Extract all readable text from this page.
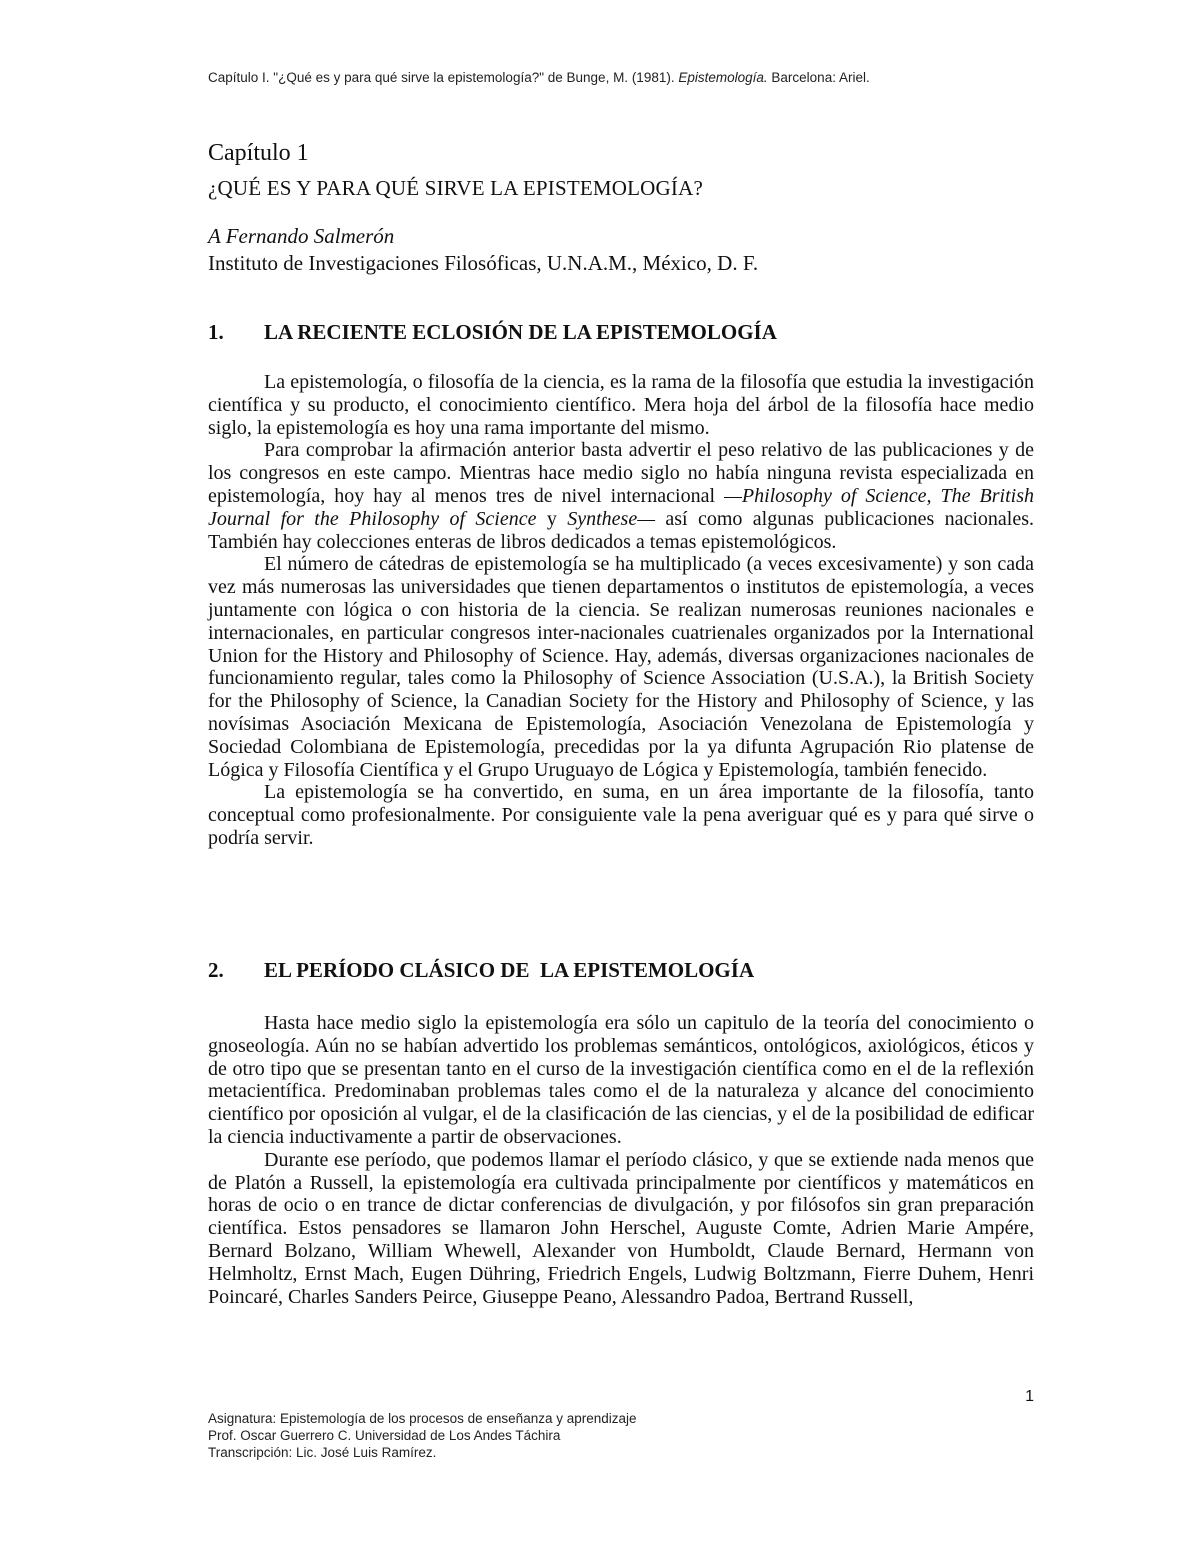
Capítulo I. "¿Qué es y para qué sirve la epistemología?" de Bunge, M. (1981). Epistemología. Barcelona: Ariel.
Capítulo 1
¿QUÉ ES Y PARA QUÉ SIRVE LA EPISTEMOLOGÍA?
A Fernando Salmerón
Instituto de Investigaciones Filosóficas, U.N.A.M., México, D. F.
1. LA RECIENTE ECLOSIÓN DE LA EPISTEMOLOGÍA

La epistemología, o filosofía de la ciencia, es la rama de la filosofía que estudia la investigación científica y su producto, el conocimiento científico. Mera hoja del árbol de la filosofía hace medio siglo, la epistemología es hoy una rama importante del mismo.

Para comprobar la afirmación anterior basta advertir el peso relativo de las publicaciones y de los congresos en este campo. Mientras hace medio siglo no había ninguna revista especializada en epistemología, hoy hay al menos tres de nivel internacional —Philosophy of Science, The British Journal for the Philosophy of Science y Synthese— así como algunas publicaciones nacionales. También hay colecciones enteras de libros dedicados a temas epistemológicos.

El número de cátedras de epistemología se ha multiplicado (a veces excesivamente) y son cada vez más numerosas las universidades que tienen departamentos o institutos de epistemología, a veces juntamente con lógica o con historia de la ciencia. Se realizan numerosas reuniones nacionales e internacionales, en particular congresos inter-nacionales cuatrienales organizados por la International Union for the History and Philosophy of Science. Hay, además, diversas organizaciones nacionales de funcionamiento regular, tales como la Philosophy of Science Association (U.S.A.), la British Society for the Philosophy of Science, la Canadian Society for the History and Philosophy of Science, y las novísimas Asociación Mexicana de Epistemología, Asociación Venezolana de Epistemología y Sociedad Colombiana de Epistemología, precedidas por la ya difunta Agrupación Rio platense de Lógica y Filosofía Científica y el Grupo Uruguayo de Lógica y Epistemología, también fenecido.

La epistemología se ha convertido, en suma, en un área importante de la filosofía, tanto conceptual como profesionalmente. Por consiguiente vale la pena averiguar qué es y para qué sirve o podría servir.

2. EL PERÍODO CLÁSICO DE  LA EPISTEMOLOGÍA

Hasta hace medio siglo la epistemología era sólo un capitulo de la teoría del conocimiento o gnoseología. Aún no se habían advertido los problemas semánticos, ontológicos, axiológicos, éticos y de otro tipo que se presentan tanto en el curso de la investigación científica como en el de la reflexión metacientífica. Predominaban problemas tales como el de la naturaleza y alcance del conocimiento científico por oposición al vulgar, el de la clasificación de las ciencias, y el de la posibilidad de edificar la ciencia inductivamente a partir de observaciones.

Durante ese período, que podemos llamar el período clásico, y que se extiende nada menos que de Platón a Russell, la epistemología era cultivada principalmente por científicos y matemáticos en horas de ocio o en trance de dictar conferencias de divulgación, y por filósofos sin gran preparación científica. Estos pensadores se llamaron John Herschel, Auguste Comte, Adrien Marie Ampére, Bernard Bolzano, William Whewell, Alexander von Humboldt, Claude Bernard, Hermann von Helmholtz, Ernst Mach, Eugen Dühring, Friedrich Engels, Ludwig Boltzmann, Fierre Duhem, Henri Poincaré, Charles Sanders Peirce, Giuseppe Peano, Alessandro Padoa, Bertrand Russell,

1
Asignatura: Epistemología de los procesos de enseñanza y aprendizaje
Prof. Oscar Guerrero C. Universidad de Los Andes Táchira
Transcripción: Lic. José Luis Ramírez.
